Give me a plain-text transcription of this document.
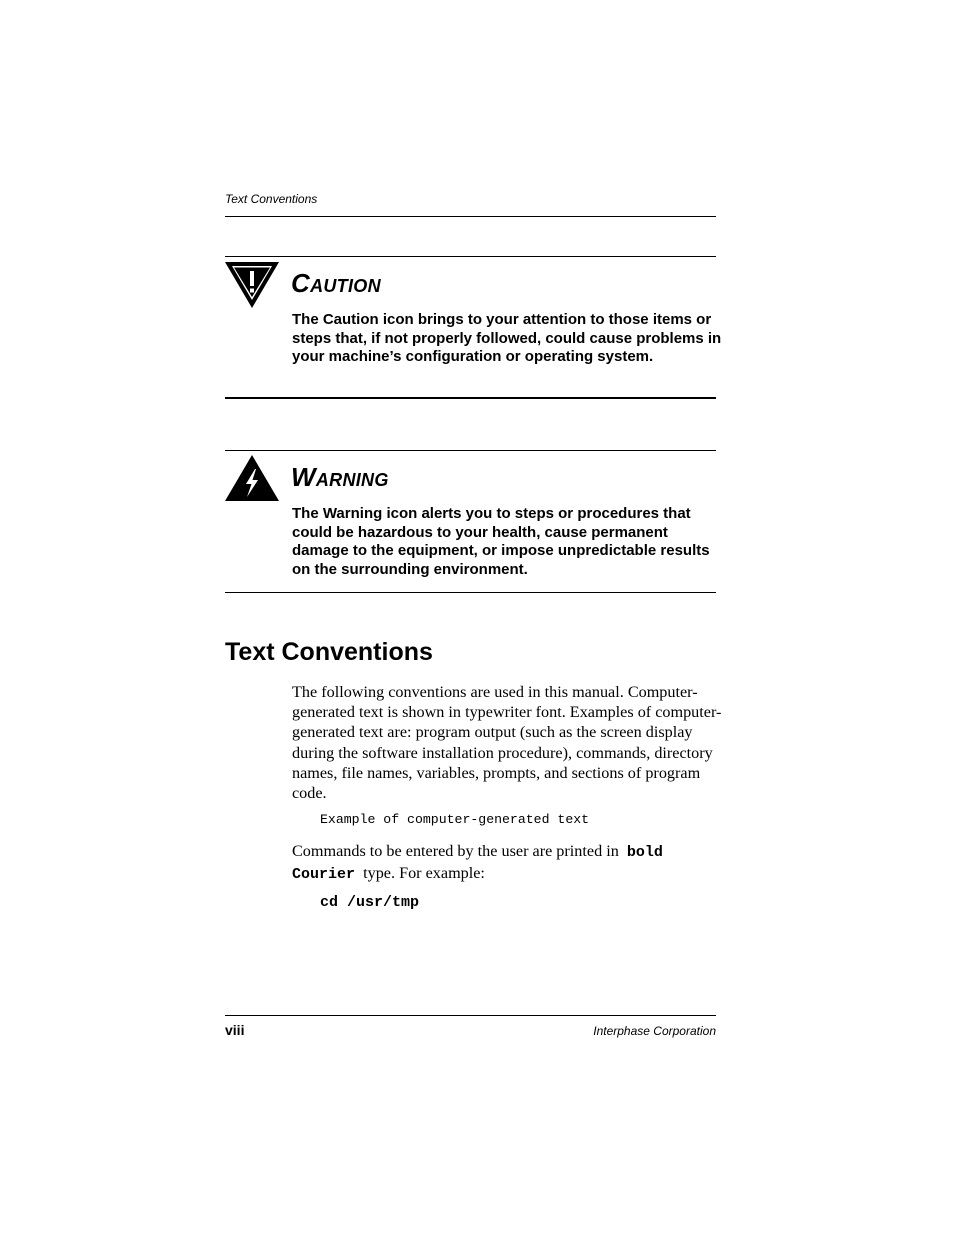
Text Conventions
CAUTION
The Caution icon brings to your attention to those items or steps that, if not properly followed, could cause problems in your machine’s configuration or operating system.
WARNING
The Warning icon alerts you to steps or procedures that could be hazardous to your health, cause permanent damage to the equipment, or impose unpredictable results on the surrounding environment.
Text Conventions
The following conventions are used in this manual. Computer-generated text is shown in typewriter font. Examples of computer-generated text are: program output (such as the screen display during the software installation procedure), commands, directory names, file names, variables, prompts, and sections of program code.
Example of computer-generated text
Commands to be entered by the user are printed in bold
Courier type. For example:
cd /usr/tmp
viii	Interphase Corporation
